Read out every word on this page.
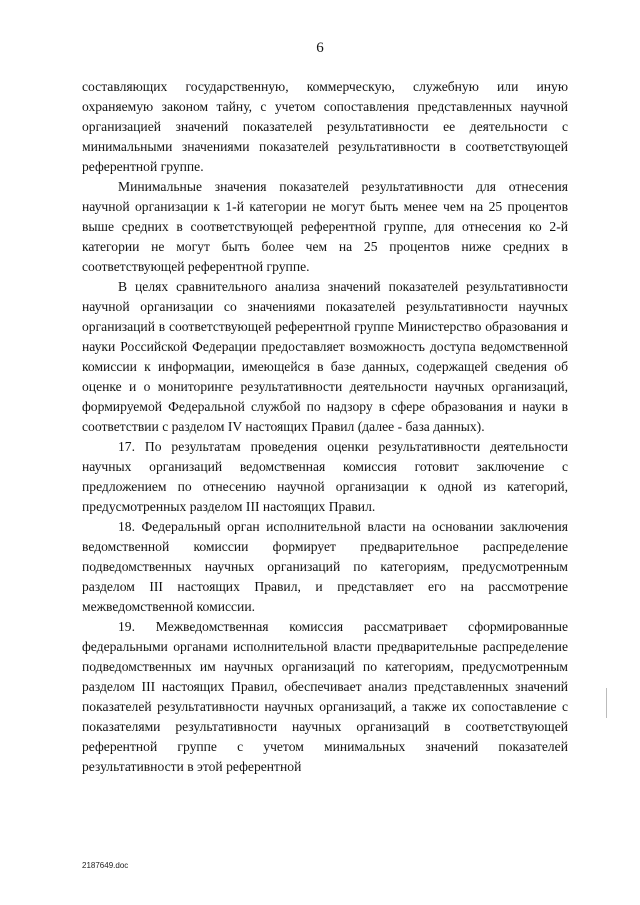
6

составляющих государственную, коммерческую, служебную или иную охраняемую законом тайну, с учетом сопоставления представленных научной организацией значений показателей результативности ее деятельности с минимальными значениями показателей результативности в соответствующей референтной группе.

Минимальные значения показателей результативности для отнесения научной организации к 1-й категории не могут быть менее чем на 25 процентов выше средних в соответствующей референтной группе, для отнесения ко 2-й категории не могут быть более чем на 25 процентов ниже средних в соответствующей референтной группе.

В целях сравнительного анализа значений показателей результативности научной организации со значениями показателей результативности научных организаций в соответствующей референтной группе Министерство образования и науки Российской Федерации предоставляет возможность доступа ведомственной комиссии к информации, имеющейся в базе данных, содержащей сведения об оценке и о мониторинге результативности деятельности научных организаций, формируемой Федеральной службой по надзору в сфере образования и науки в соответствии с разделом IV настоящих Правил (далее - база данных).

17. По результатам проведения оценки результативности деятельности научных организаций ведомственная комиссия готовит заключение с предложением по отнесению научной организации к одной из категорий, предусмотренных разделом III настоящих Правил.

18. Федеральный орган исполнительной власти на основании заключения ведомственной комиссии формирует предварительное распределение подведомственных научных организаций по категориям, предусмотренным разделом III настоящих Правил, и представляет его на рассмотрение межведомственной комиссии.

19. Межведомственная комиссия рассматривает сформированные федеральными органами исполнительной власти предварительные распределение подведомственных им научных организаций по категориям, предусмотренным разделом III настоящих Правил, обеспечивает анализ представленных значений показателей результативности научных организаций, а также их сопоставление с показателями результативности научных организаций в соответствующей референтной группе с учетом минимальных значений показателей результативности в этой референтной

2187649.doc
